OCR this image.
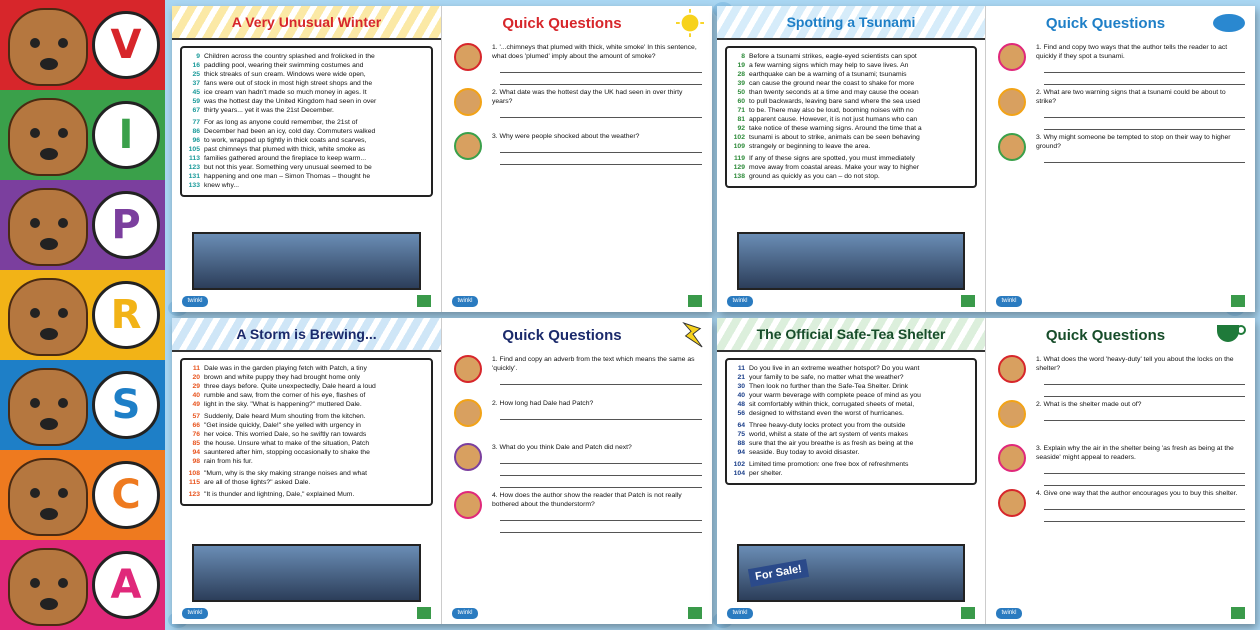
V
I
P
R
S
C
A
A Very Unusual Winter
9 Children across the country splashed and frolicked in the
16 paddling pool, wearing their swimming costumes and
25 thick streaks of sun cream. Windows were wide open,
37 fans were out of stock in most high street shops and the
45 ice cream van hadn't made so much money in ages. It
59 was the hottest day the United Kingdom had seen in over
67 thirty years... yet it was the 21st December.
77 For as long as anyone could remember, the 21st of
86 December had been an icy, cold day. Commuters walked
96 to work, wrapped up tightly in thick coats and scarves,
105 past chimneys that plumed with thick, white smoke as
113 families gathered around the fireplace to keep warm...
123 but not this year. Something very unusual seemed to be
131 happening and one man – Simon Thomas – thought he
133 knew why...
twinkl
Quick Questions
1. '...chimneys that plumed with thick, white smoke' In this sentence, what does 'plumed' imply about the amount of smoke?
2. What date was the hottest day the UK had seen in over thirty years?
3. Why were people shocked about the weather?
twinkl
Spotting a Tsunami
8 Before a tsunami strikes, eagle-eyed scientists can spot
19 a few warning signs which may help to save lives. An
28 earthquake can be a warning of a tsunami; tsunamis
39 can cause the ground near the coast to shake for more
50 than twenty seconds at a time and may cause the ocean
60 to pull backwards, leaving bare sand where the sea used
71 to be. There may also be loud, booming noises with no
81 apparent cause. However, it is not just humans who can
92 take notice of these warning signs. Around the time that a
102 tsunami is about to strike, animals can be seen behaving
109 strangely or beginning to leave the area.
119 If any of these signs are spotted, you must immediately
129 move away from coastal areas. Make your way to higher
138 ground as quickly as you can – do not stop.
twinkl
Quick Questions
1. Find and copy two ways that the author tells the reader to act quickly if they spot a tsunami.
2. What are two warning signs that a tsunami could be about to strike?
3. Why might someone be tempted to stop on their way to higher ground?
twinkl
A Storm is Brewing...
11 Dale was in the garden playing fetch with Patch, a tiny
20 brown and white puppy they had brought home only
29 three days before. Quite unexpectedly, Dale heard a loud
40 rumble and saw, from the corner of his eye, flashes of
49 light in the sky. "What is happening?" muttered Dale.
57 Suddenly, Dale heard Mum shouting from the kitchen.
66 "Get inside quickly, Dale!" she yelled with urgency in
76 her voice. This worried Dale, so he swiftly ran towards
85 the house. Unsure what to make of the situation, Patch
94 sauntered after him, stopping occasionally to shake the
98 rain from his fur.
108 "Mum, why is the sky making strange noises and what
115 are all of those lights?" asked Dale.
123 "It is thunder and lightning, Dale," explained Mum.
twinkl
Quick Questions
1. Find and copy an adverb from the text which means the same as 'quickly'.
2. How long had Dale had Patch?
3. What do you think Dale and Patch did next?
4. How does the author show the reader that Patch is not really bothered about the thunderstorm?
twinkl
The Official Safe-Tea Shelter
11 Do you live in an extreme weather hotspot? Do you want
21 your family to be safe, no matter what the weather?
30 Then look no further than the Safe-Tea Shelter. Drink
40 your warm beverage with complete peace of mind as you
48 sit comfortably within thick, corrugated sheets of metal,
56 designed to withstand even the worst of hurricanes.
64 Three heavy-duty locks protect you from the outside
75 world, whilst a state of the art system of vents makes
88 sure that the air you breathe is as fresh as being at the
94 seaside. Buy today to avoid disaster.
102 Limited time promotion: one free box of refreshments
104 per shelter.
For Sale!
twinkl
Quick Questions
1. What does the word 'heavy-duty' tell you about the locks on the shelter?
2. What is the shelter made out of?
3. Explain why the air in the shelter being 'as fresh as being at the seaside' might appeal to readers.
4. Give one way that the author encourages you to buy this shelter.
twinkl
